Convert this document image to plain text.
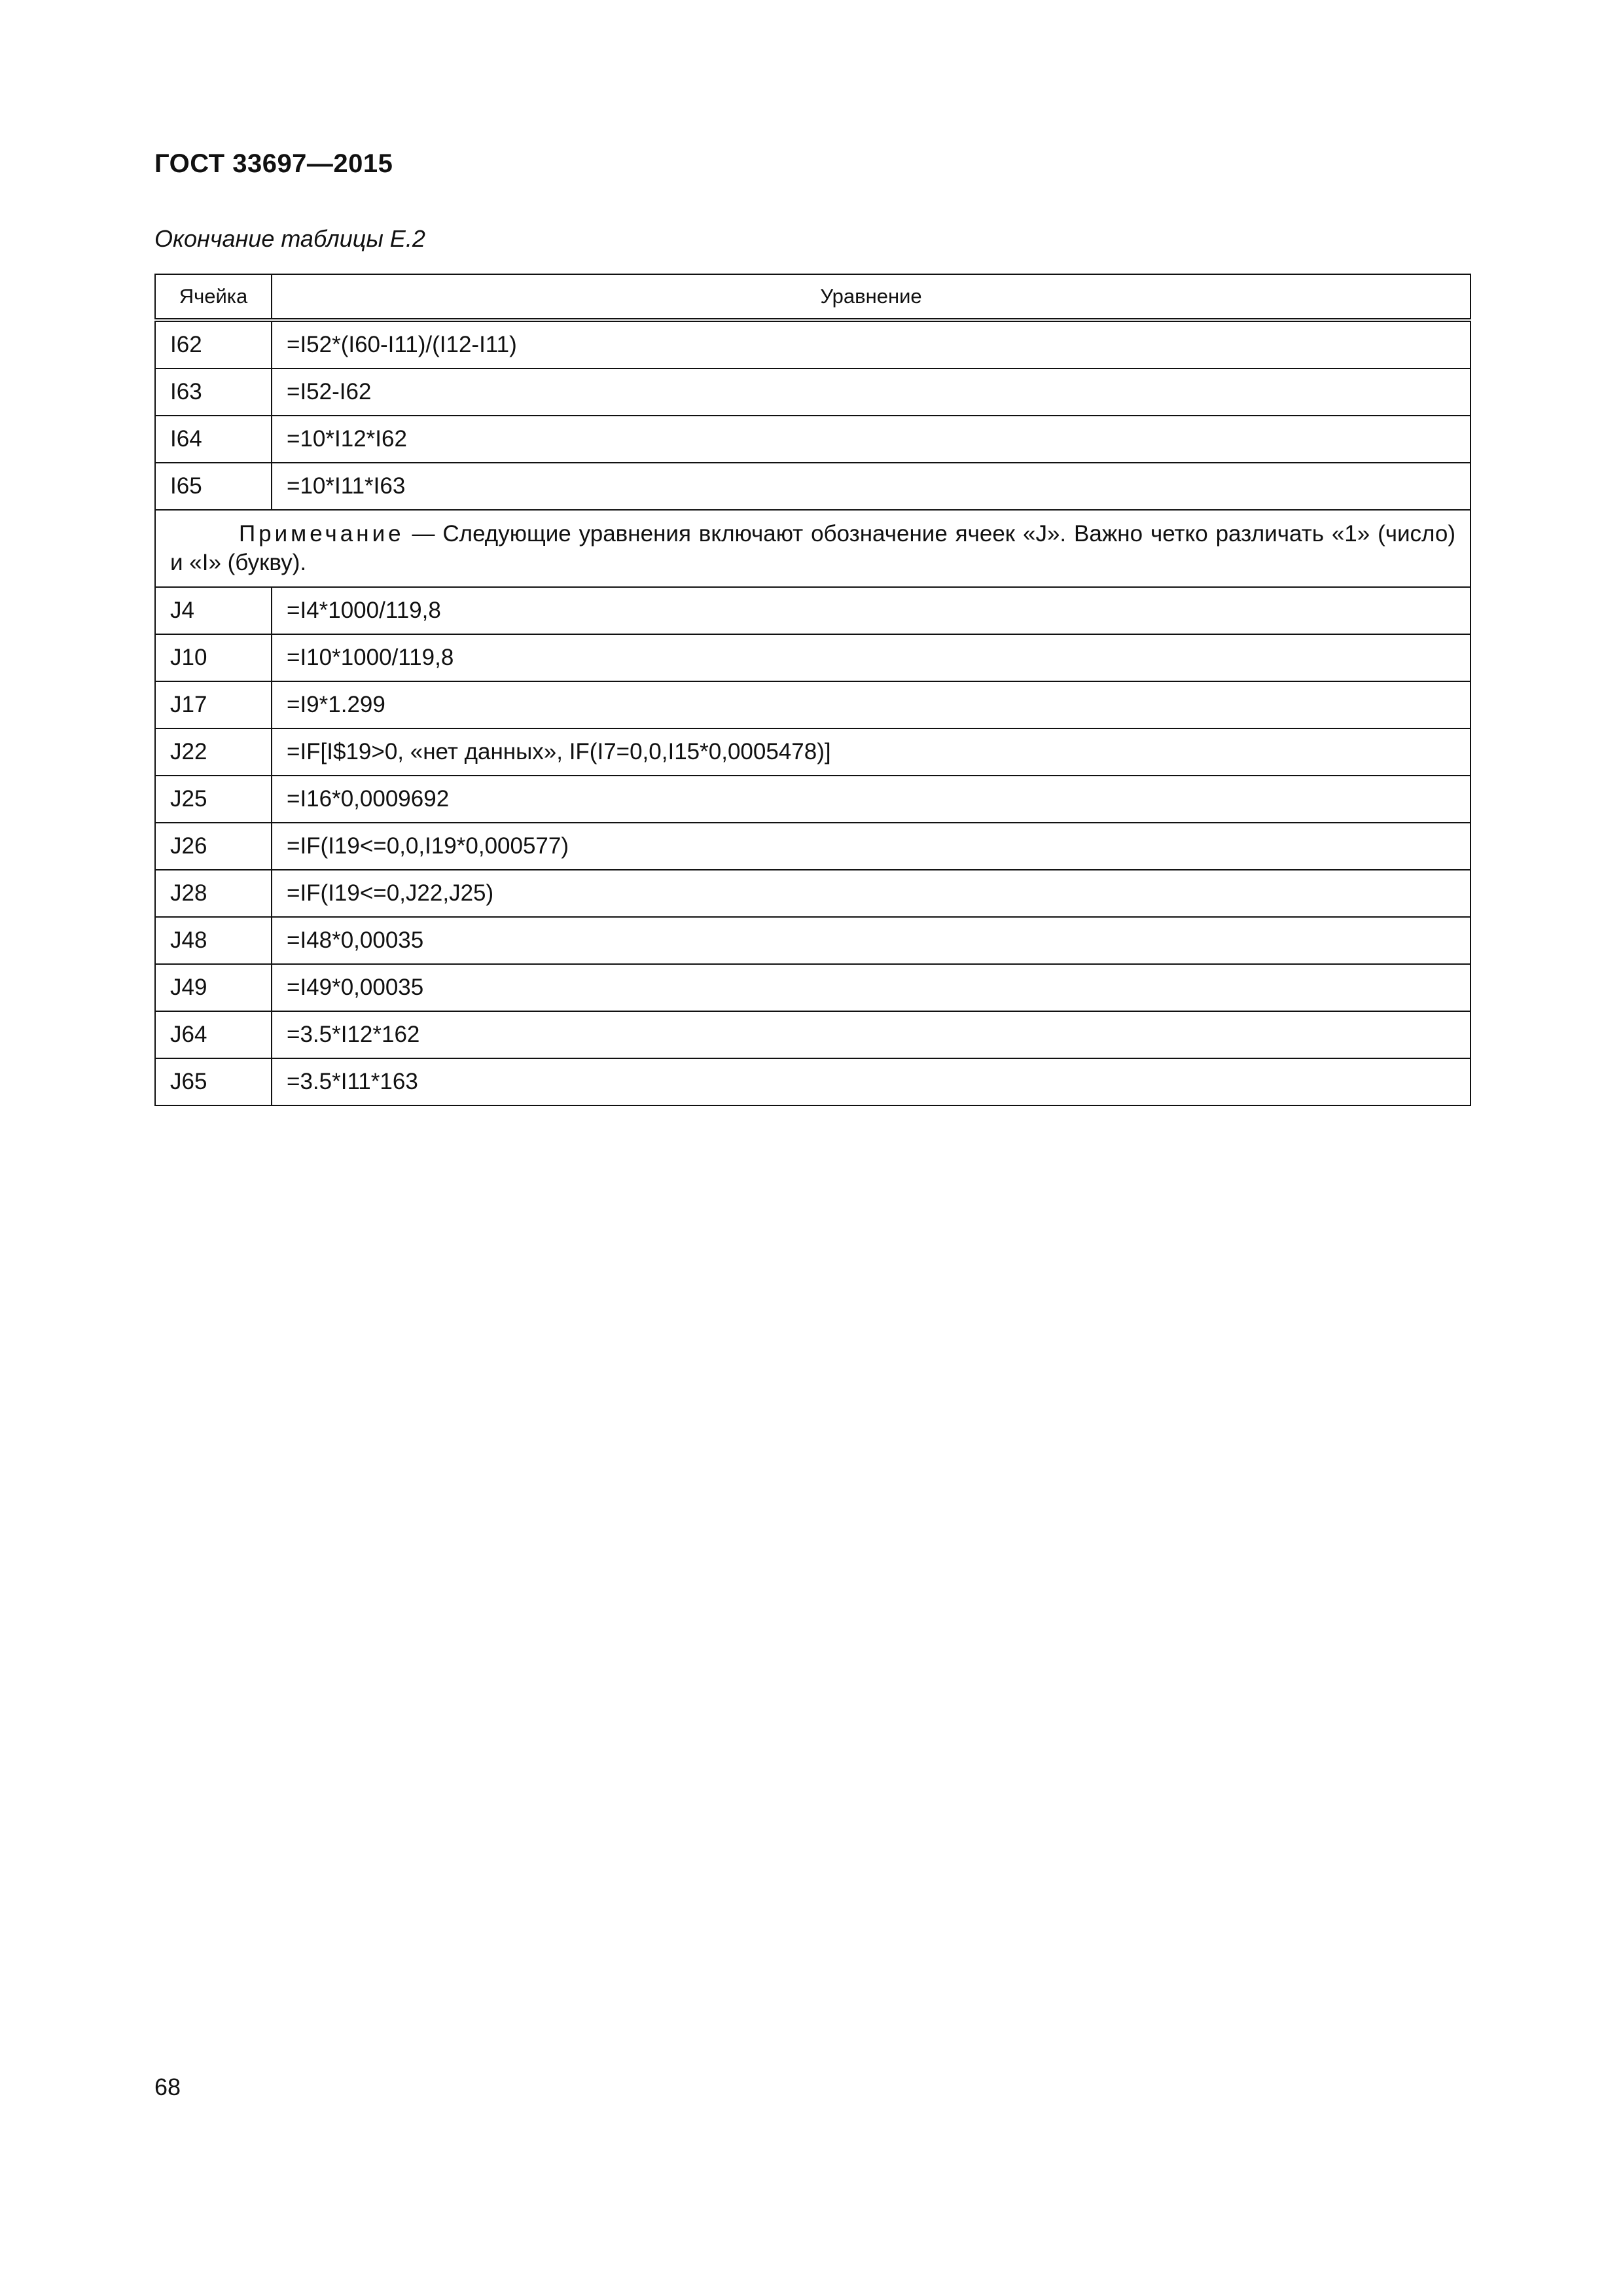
ГОСТ 33697—2015
Окончание таблицы Е.2
Ячейка	Уравнение
I62	=I52*(I60-I11)/(I12-I11)
I63	=I52-I62
I64	=10*I12*I62
I65	=10*I11*I63
Примечание — Следующие уравнения включают обозначение ячеек «J». Важно четко различать «1» (число) и «I» (букву).	
J4	=I4*1000/119,8
J10	=I10*1000/119,8
J17	=I9*1.299
J22	=IF[I$19>0, «нет данных», IF(I7=0,0,I15*0,0005478)]
J25	=I16*0,0009692
J26	=IF(I19<=0,0,I19*0,000577)
J28	=IF(I19<=0,J22,J25)
J48	=I48*0,00035
J49	=I49*0,00035
J64	=3.5*I12*162
J65	=3.5*I11*163
68
